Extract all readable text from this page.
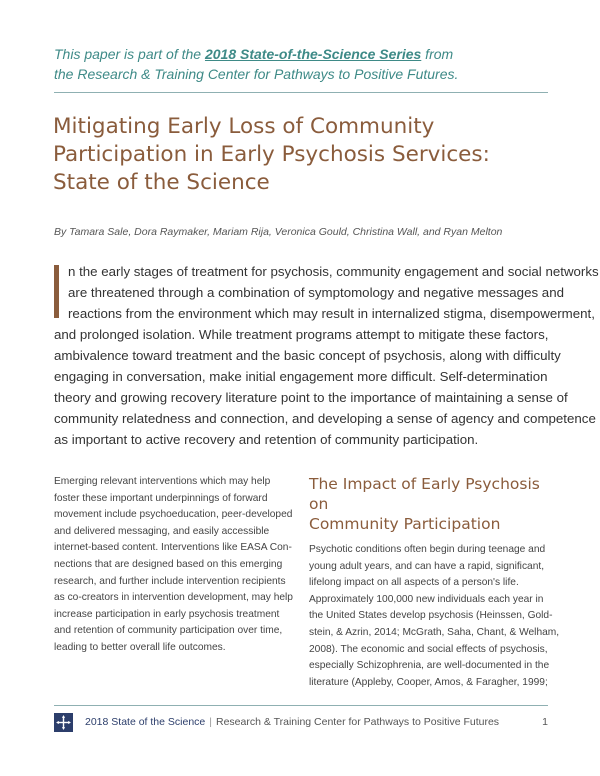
This paper is part of the 2018 State-of-the-Science Series from
the Research & Training Center for Pathways to Positive Futures.
Mitigating Early Loss of Community
Participation in Early Psychosis Services:
State of the Science
By Tamara Sale, Dora Raymaker, Mariam Rija, Veronica Gould, Christina Wall, and Ryan Melton
n the early stages of treatment for psychosis, community engagement and social networks
are threatened through a combination of symptomology and negative messages and
reactions from the environment which may result in internalized stigma, disempowerment,
and prolonged isolation. While treatment programs attempt to mitigate these factors,
ambivalence toward treatment and the basic concept of psychosis, along with difficulty
engaging in conversation, make initial engagement more difficult. Self-determination
theory and growing recovery literature point to the importance of maintaining a sense of
community relatedness and connection, and developing a sense of agency and competence
as important to active recovery and retention of community participation.
Emerging relevant interventions which may help
foster these important underpinnings of forward
movement include psychoeducation, peer-developed
and delivered messaging, and easily accessible
internet-based content. Interventions like EASA Con-
nections that are designed based on this emerging
research, and further include intervention recipients
as co-creators in intervention development, may help
increase participation in early psychosis treatment
and retention of community participation over time,
leading to better overall life outcomes.
The Impact of Early Psychosis on
Community Participation
Psychotic conditions often begin during teenage and
young adult years, and can have a rapid, significant,
lifelong impact on all aspects of a person's life.
Approximately 100,000 new individuals each year in
the United States develop psychosis (Heinssen, Gold-
stein, & Azrin, 2014; McGrath, Saha, Chant, & Welham,
2008). The economic and social effects of psychosis,
especially Schizophrenia, are well-documented in the
literature (Appleby, Cooper, Amos, & Faragher, 1999;
2018 State of the Science | Research & Training Center for Pathways to Positive Futures	1
